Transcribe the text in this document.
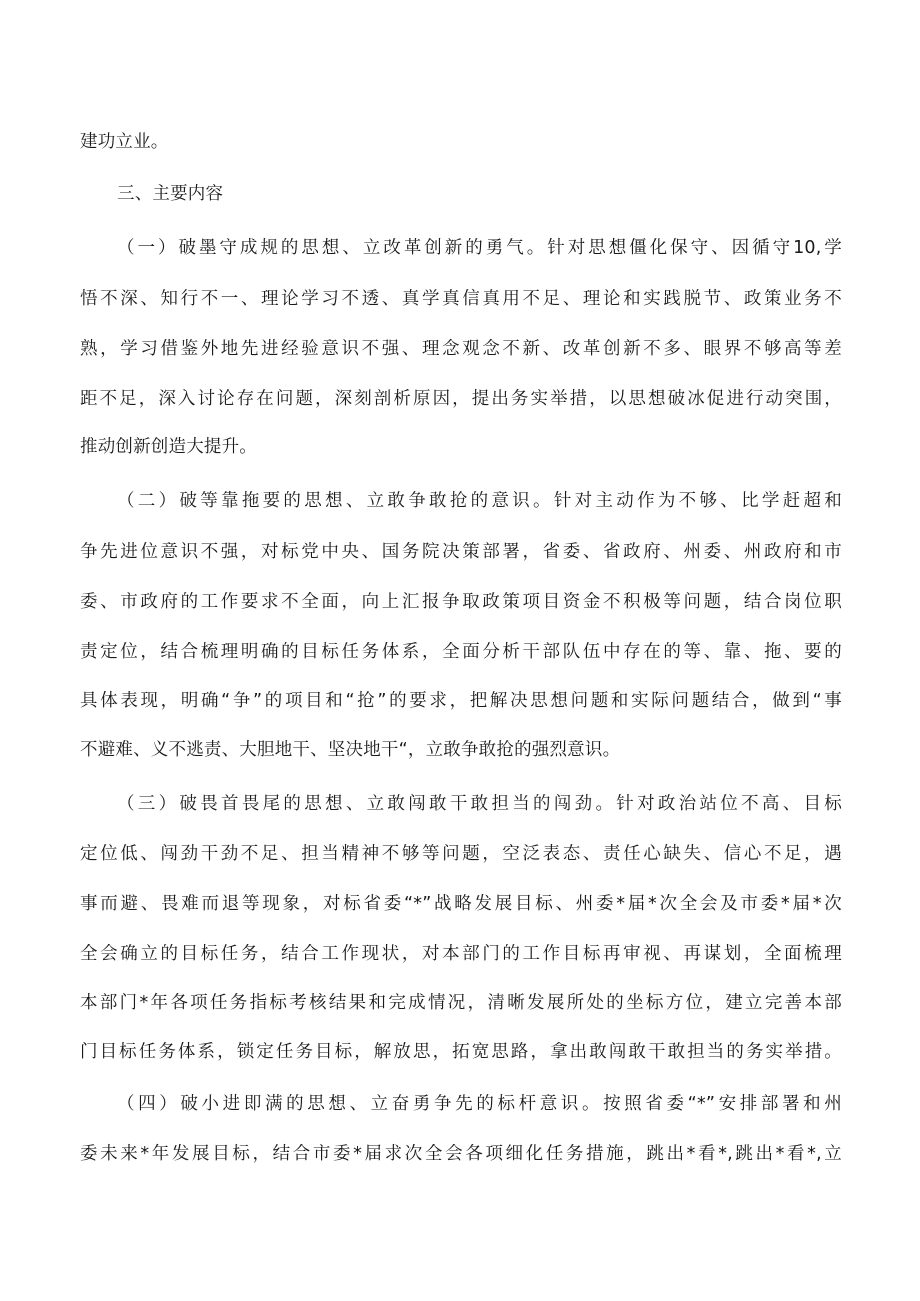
建功立业。
三、主要内容
（一）破墨守成规的思想、立改革创新的勇气。针对思想僵化保守、因循守10,学
悟不深、知行不一、理论学习不透、真学真信真用不足、理论和实践脱节、政策业务不
熟，学习借鉴外地先进经验意识不强、理念观念不新、改革创新不多、眼界不够高等差
距不足，深入讨论存在问题，深刻剖析原因，提出务实举措，以思想破冰促进行动突围，
推动创新创造大提升。
（二）破等靠拖要的思想、立敢争敢抢的意识。针对主动作为不够、比学赶超和
争先进位意识不强，对标党中央、国务院决策部署，省委、省政府、州委、州政府和市
委、市政府的工作要求不全面，向上汇报争取政策项目资金不积极等问题，结合岗位职
责定位，结合梳理明确的目标任务体系，全面分析干部队伍中存在的等、靠、拖、要的
具体表现，明确“争”的项目和“抢”的要求，把解决思想问题和实际问题结合，做到“事
不避难、义不逃责、大胆地干、坚决地干“，立敢争敢抢的强烈意识。
（三）破畏首畏尾的思想、立敢闯敢干敢担当的闯劲。针对政治站位不高、目标
定位低、闯劲干劲不足、担当精神不够等问题，空泛表态、责任心缺失、信心不足，遇
事而避、畏难而退等现象，对标省委“*”战略发展目标、州委*届*次全会及市委*届*次
全会确立的目标任务，结合工作现状，对本部门的工作目标再审视、再谋划，全面梳理
本部门*年各项任务指标考核结果和完成情况，清晰发展所处的坐标方位，建立完善本部
门目标任务体系，锁定任务目标，解放思，拓宽思路，拿出敢闯敢干敢担当的务实举措。
（四）破小进即满的思想、立奋勇争先的标杆意识。按照省委“*”安排部署和州
委未来*年发展目标，结合市委*届求次全会各项细化任务措施，跳出*看*,跳出*看*,立
